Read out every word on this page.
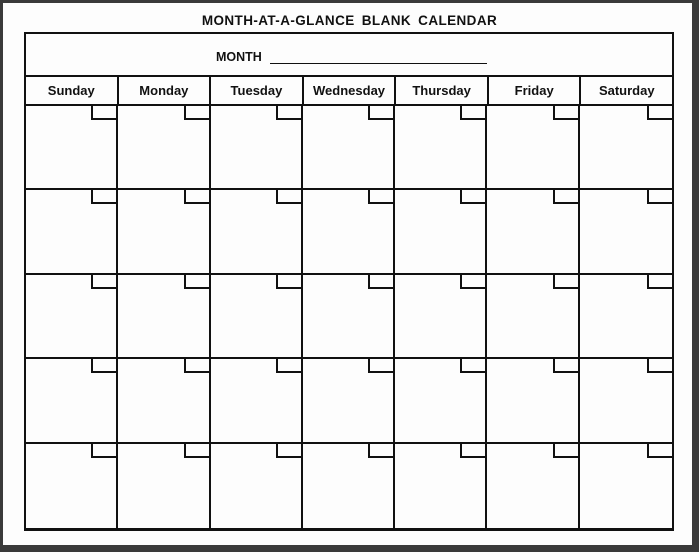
MONTH-AT-A-GLANCE BLANK CALENDAR
MONTH
Sunday	Monday	Tuesday	Wednesday	Thursday	Friday	Saturday
